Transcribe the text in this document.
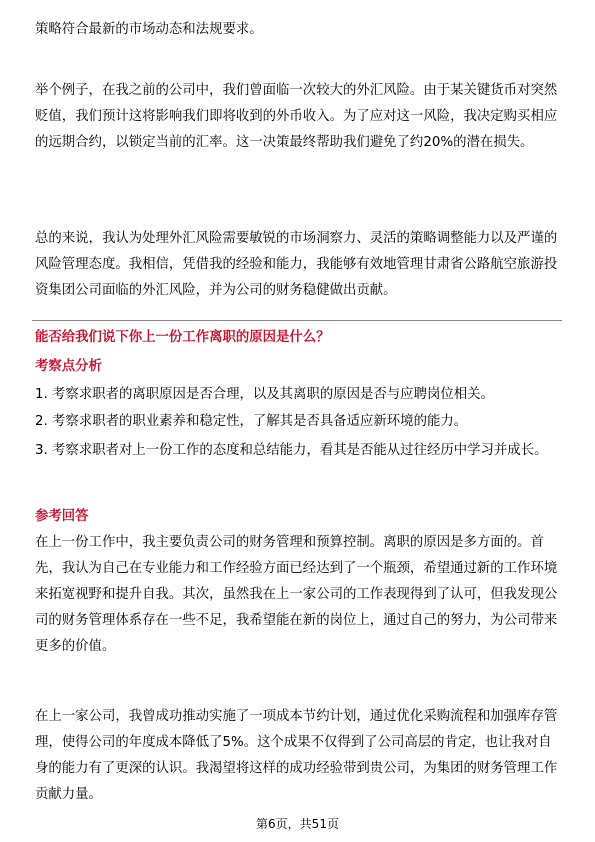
策略符合最新的市场动态和法规要求。

举个例子，在我之前的公司中，我们曾面临一次较大的外汇风险。由于某关键货币对突然贬值，我们预计这将影响我们即将收到的外币收入。为了应对这一风险，我决定购买相应的远期合约，以锁定当前的汇率。这一决策最终帮助我们避免了约20%的潜在损失。

总的来说，我认为处理外汇风险需要敏锐的市场洞察力、灵活的策略调整能力以及严谨的风险管理态度。我相信，凭借我的经验和能力，我能够有效地管理甘肃省公路航空旅游投资集团公司面临的外汇风险，并为公司的财务稳健做出贡献。

能否给我们说下你上一份工作离职的原因是什么？

考察点分析

1. 考察求职者的离职原因是否合理，以及其离职的原因是否与应聘岗位相关。

2. 考察求职者的职业素养和稳定性，了解其是否具备适应新环境的能力。

3. 考察求职者对上一份工作的态度和总结能力，看其是否能从过往经历中学习并成长。

参考回答

在上一份工作中，我主要负责公司的财务管理和预算控制。离职的原因是多方面的。首先，我认为自己在专业能力和工作经验方面已经达到了一个瓶颈，希望通过新的工作环境来拓宽视野和提升自我。其次，虽然我在上一家公司的工作表现得到了认可，但我发现公司的财务管理体系存在一些不足，我希望能在新的岗位上，通过自己的努力，为公司带来更多的价值。

在上一家公司，我曾成功推动实施了一项成本节约计划，通过优化采购流程和加强库存管理，使得公司的年度成本降低了5%。这个成果不仅得到了公司高层的肯定，也让我对自身的能力有了更深的认识。我渴望将这样的成功经验带到贵公司，为集团的财务管理工作贡献力量。

第6页，共51页
